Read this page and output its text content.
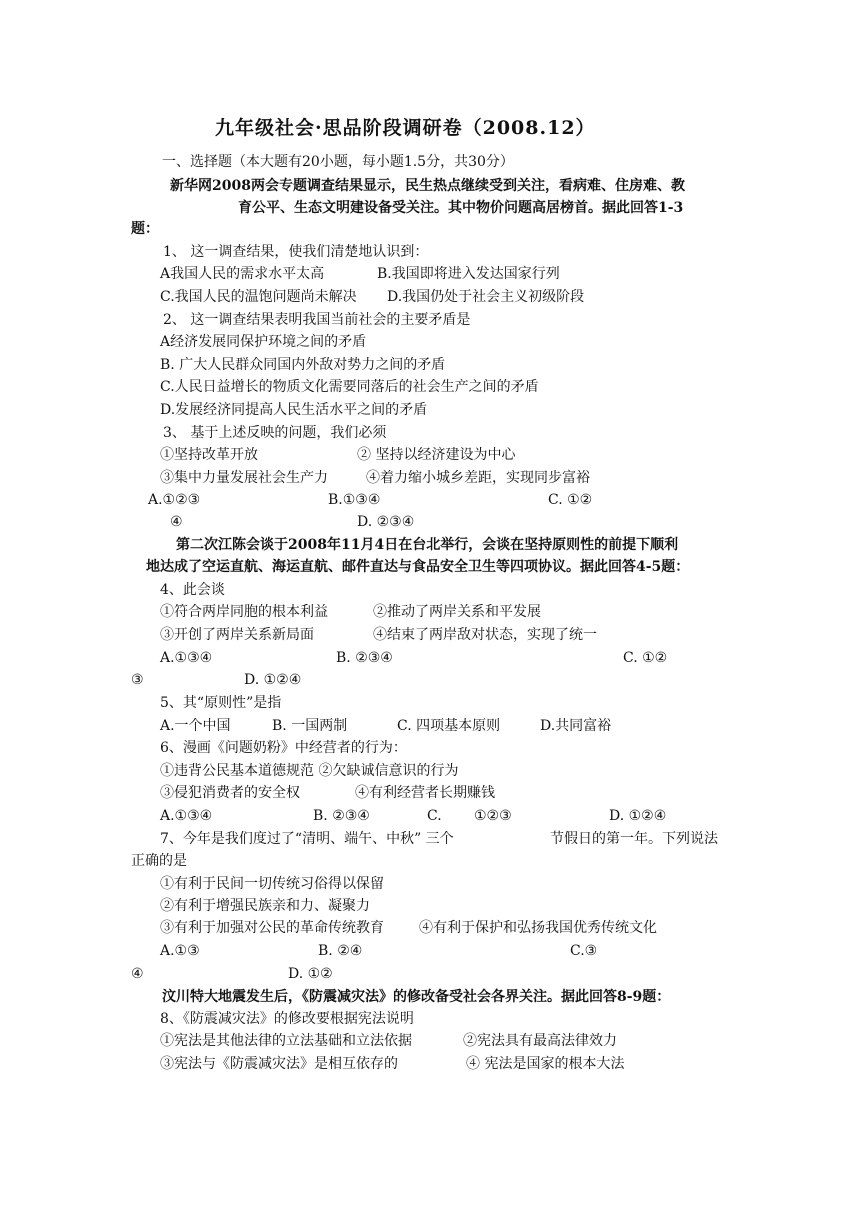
九年级社会·思品阶段调研卷（2008.12）
一、选择题（本大题有20小题，每小题1.5分，共30分）
新华网2008两会专题调查结果显示，民生热点继续受到关注，看病难、住房难、教
育公平、生态文明建设备受关注。其中物价问题高居榜首。据此回答1-3
题：
1、 这一调查结果，使我们清楚地认识到：
A我国人民的需求水平太高	B.我国即将进入发达国家行列
C.我国人民的温饱问题尚未解决 D.我国仍处于社会主义初级阶段
2、 这一调查结果表明我国当前社会的主要矛盾是
A经济发展同保护环境之间的矛盾
B. 广大人民群众同国内外敌对势力之间的矛盾
C.人民日益增长的物质文化需要同落后的社会生产之间的矛盾
D.发展经济同提高人民生活水平之间的矛盾
3、 基于上述反映的问题，我们必须
①坚持改革开放	② 坚持以经济建设为中心
③集中力量发展社会生产力	④着力缩小城乡差距，实现同步富裕
A.①②③	B.①③④	C. ①②
④	D. ②③④
第二次江陈会谈于2008年11月4日在台北举行，会谈在坚持原则性的前提下顺利
地达成了空运直航、海运直航、邮件直达与食品安全卫生等四项协议。据此回答4-5题：
4、此会谈
①符合两岸同胞的根本利益	②推动了两岸关系和平发展
③开创了两岸关系新局面	④结束了两岸敌对状态，实现了统一
A.①③④	B. ②③④	C. ①②
③	D. ①②④
5、其“原则性”是指
A.一个中国	B. 一国两制	C. 四项基本原则	D.共同富裕
6、漫画《问题奶粉》中经营者的行为：
①违背公民基本道德规范 ②欠缺诚信意识的行为
③侵犯消费者的安全权	④有利经营者长期赚钱
A.①③④	B. ②③④	C. ①②③	D. ①②④
7、今年是我们度过了“清明、端午、中秋” 三个	节假日的第一年。下列说法
正确的是
①有利于民间一切传统习俗得以保留
②有利于增强民族亲和力、凝聚力
③有利于加强对公民的革命传统教育	④有利于保护和弘扬我国优秀传统文化
A.①③	B. ②④	C.③
④	D. ①②
汶川特大地震发生后，《防震减灾法》的修改备受社会各界关注。据此回答8-9题：
8、《防震减灾法》的修改要根据宪法说明
①宪法是其他法律的立法基础和立法依据	②宪法具有最高法律效力
③宪法与《防震减灾法》是相互依存的	④ 宪法是国家的根本大法
